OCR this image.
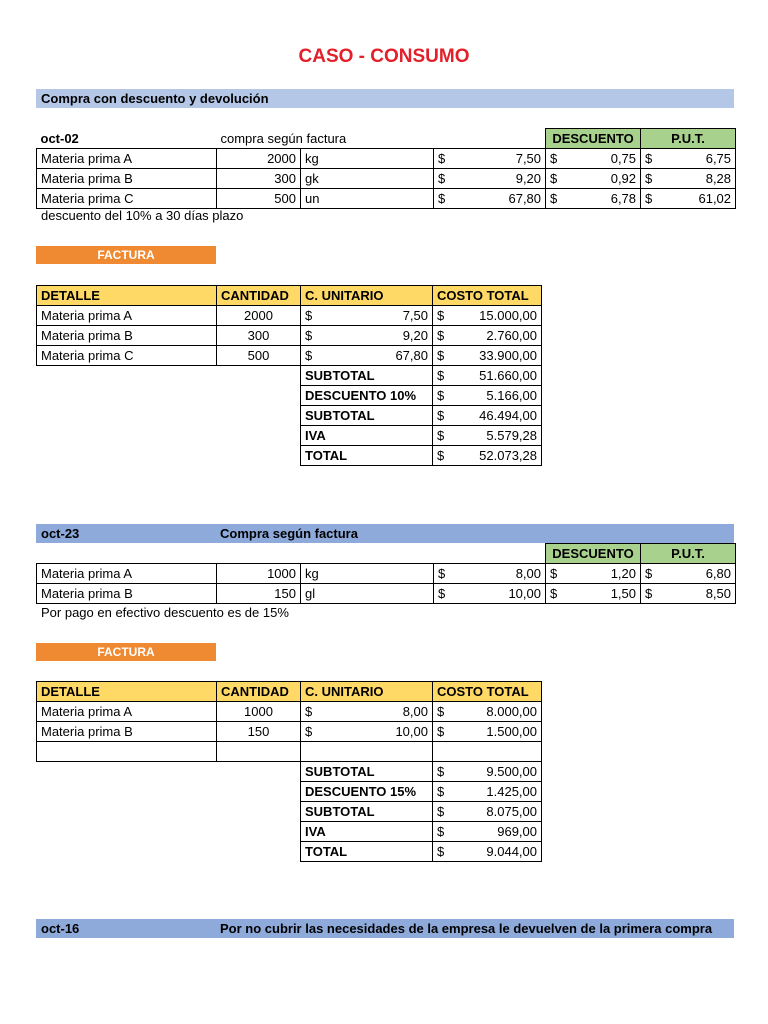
CASO - CONSUMO
Compra con descuento y devolución
oct-02	compra según factura			DESCUENTO	P.U.T.
Materia prima A	2000	kg	$ 7,50	$ 0,75	$ 6,75

Materia prima B	300	gk	$ 9,20	$ 0,92	$ 8,28

Materia prima C	500	un	$ 67,80	$ 6,78	$ 61,02
descuento del 10% a 30 días plazo
FACTURA
DETALLE	CANTIDAD	C. UNITARIO	COSTO TOTAL
Materia prima A	2000	$ 7,50	$ 15.000,00

Materia prima B	300	$ 9,20	$ 2.760,00

Materia prima C	500	$ 67,80	$ 33.900,00

		SUBTOTAL	$ 51.660,00

		DESCUENTO 10%	$ 5.166,00

		SUBTOTAL	$ 46.494,00

		IVA	$ 5.579,28

		TOTAL	$ 52.073,28
oct-23	Compra según factura
				DESCUENTO	P.U.T.
Materia prima A	1000	kg	$ 8,00	$ 1,20	$ 6,80

Materia prima B	150	gl	$ 10,00	$ 1,50	$ 8,50
Por pago en efectivo descuento es de 15%
FACTURA
DETALLE	CANTIDAD	C. UNITARIO	COSTO TOTAL
Materia prima A	1000	$ 8,00	$ 8.000,00

Materia prima B	150	$ 10,00	$ 1.500,00

		SUBTOTAL	$ 9.500,00

		DESCUENTO 15%	$ 1.425,00

		SUBTOTAL	$ 8.075,00

		IVA	$ 969,00

		TOTAL	$ 9.044,00
oct-16	Por no cubrir las necesidades de la empresa le devuelven de la primera compra
